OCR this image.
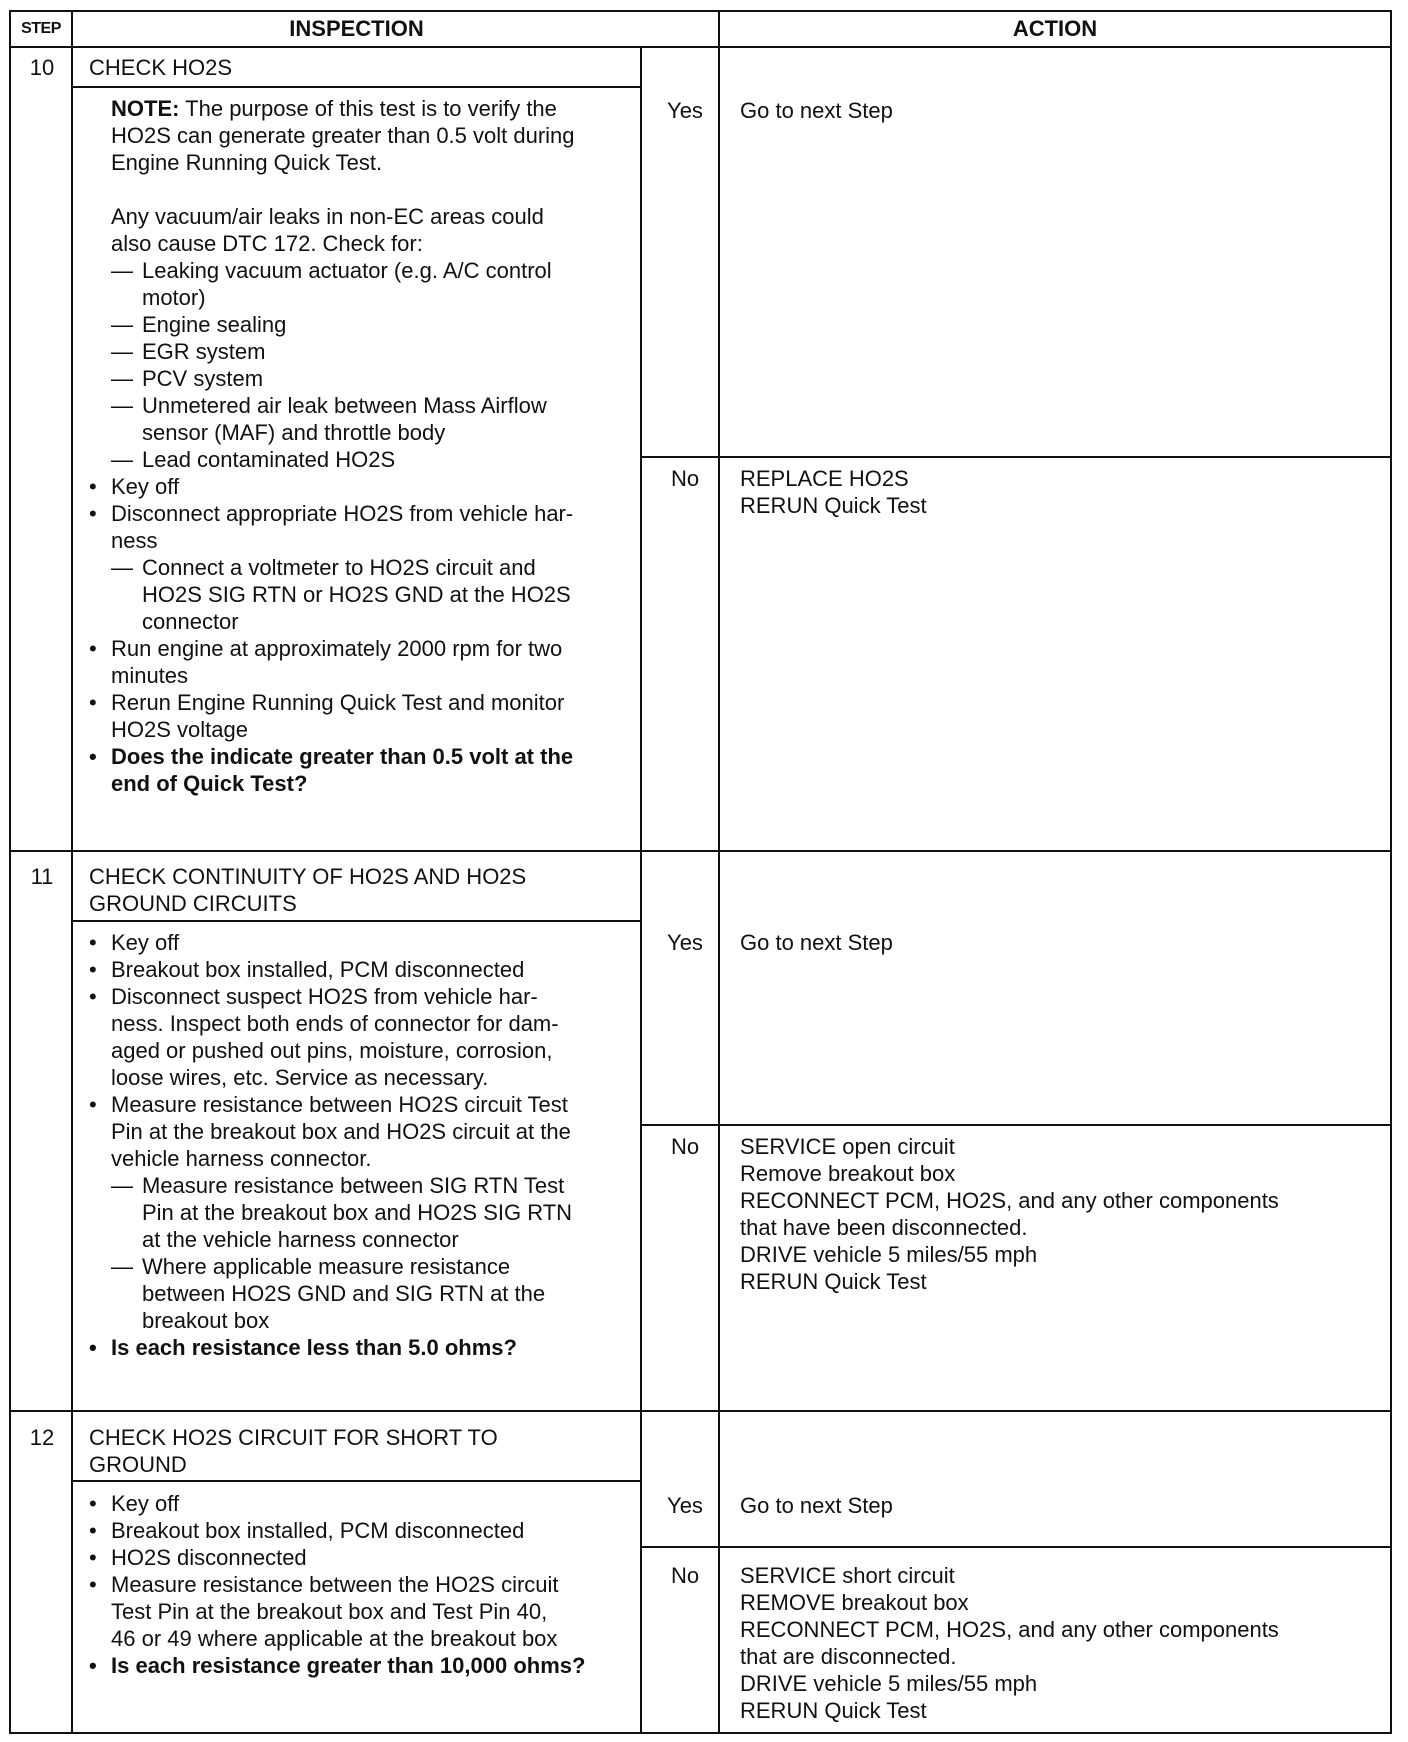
STEP	INSPECTION	ACTION
10	CHECK HO2S
NOTE: The purpose of this test is to verify the
HO2S can generate greater than 0.5 volt during
Engine Running Quick Test.
Any vacuum/air leaks in non-EC areas could
also cause DTC 172. Check for:
— Leaking vacuum actuator (e.g. A/C control
motor)
— Engine sealing
— EGR system
— PCV system
— Unmetered air leak between Mass Airflow
sensor (MAF) and throttle body
— Lead contaminated HO2S
• Key off
• Disconnect appropriate HO2S from vehicle har-
ness
— Connect a voltmeter to HO2S circuit and
HO2S SIG RTN or HO2S GND at the HO2S
connector
• Run engine at approximately 2000 rpm for two
minutes
• Rerun Engine Running Quick Test and monitor
HO2S voltage
• Does the indicate greater than 0.5 volt at the
end of Quick Test?
Yes	Go to next Step
No	REPLACE HO2S
RERUN Quick Test
11	CHECK CONTINUITY OF HO2S AND HO2S
GROUND CIRCUITS
• Key off
• Breakout box installed, PCM disconnected
• Disconnect suspect HO2S from vehicle har-
ness. Inspect both ends of connector for dam-
aged or pushed out pins, moisture, corrosion,
loose wires, etc. Service as necessary.
• Measure resistance between HO2S circuit Test
Pin at the breakout box and HO2S circuit at the
vehicle harness connector.
— Measure resistance between SIG RTN Test
Pin at the breakout box and HO2S SIG RTN
at the vehicle harness connector
— Where applicable measure resistance
between HO2S GND and SIG RTN at the
breakout box
• Is each resistance less than 5.0 ohms?
Yes	Go to next Step
No	SERVICE open circuit
Remove breakout box
RECONNECT PCM, HO2S, and any other components
that have been disconnected.
DRIVE vehicle 5 miles/55 mph
RERUN Quick Test
12	CHECK HO2S CIRCUIT FOR SHORT TO
GROUND
• Key off
• Breakout box installed, PCM disconnected
• HO2S disconnected
• Measure resistance between the HO2S circuit
Test Pin at the breakout box and Test Pin 40,
46 or 49 where applicable at the breakout box
• Is each resistance greater than 10,000 ohms?
Yes	Go to next Step
No	SERVICE short circuit
REMOVE breakout box
RECONNECT PCM, HO2S, and any other components
that are disconnected.
DRIVE vehicle 5 miles/55 mph
RERUN Quick Test
